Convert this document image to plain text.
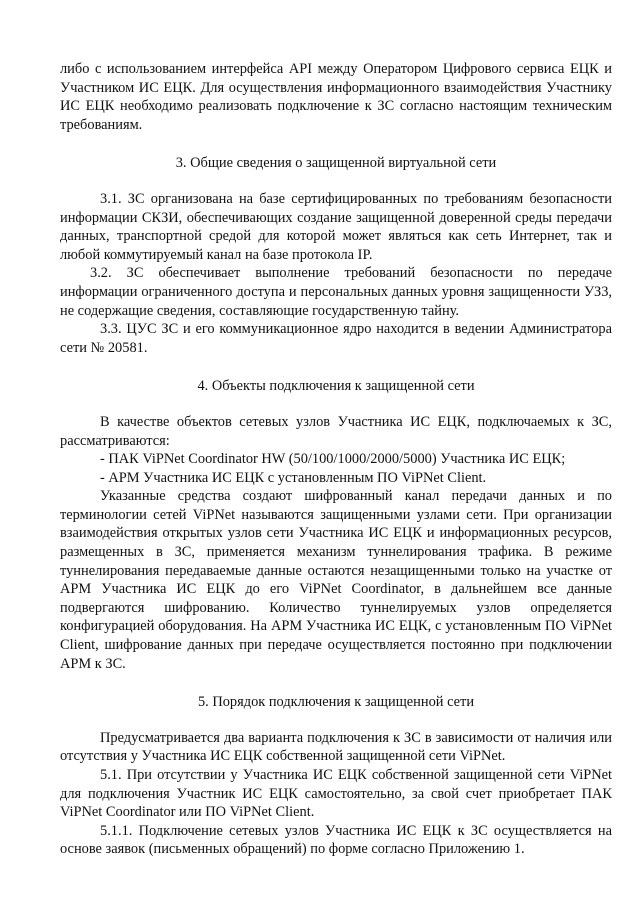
либо с использованием интерфейса API между Оператором Цифрового сервиса ЕЦК и Участником ИС ЕЦК. Для осуществления информационного взаимодействия Участнику ИС ЕЦК необходимо реализовать подключение к ЗС согласно настоящим техническим требованиям.

3. Общие сведения о защищенной виртуальной сети

3.1. ЗС организована на базе сертифицированных по требованиям безопасности информации СКЗИ, обеспечивающих создание защищенной доверенной среды передачи данных, транспортной средой для которой может являться как сеть Интернет, так и любой коммутируемый канал на базе протокола IP.

3.2. ЗС обеспечивает выполнение требований безопасности по передаче информации ограниченного доступа и персональных данных уровня защищенности УЗ3, не содержащие сведения, составляющие государственную тайну.

3.3. ЦУС ЗС и его коммуникационное ядро находится в ведении Администратора сети № 20581.

4. Объекты подключения к защищенной сети

В качестве объектов сетевых узлов Участника ИС ЕЦК, подключаемых к ЗС, рассматриваются:

- ПАК ViPNet Coordinator HW (50/100/1000/2000/5000) Участника ИС ЕЦК;

- АРМ Участника ИС ЕЦК с установленным ПО ViPNet Client.

Указанные средства создают шифрованный канал передачи данных и по терминологии сетей ViPNet называются защищенными узлами сети. При организации взаимодействия открытых узлов сети Участника ИС ЕЦК и информационных ресурсов, размещенных в ЗС, применяется механизм туннелирования трафика. В режиме туннелирования передаваемые данные остаются незащищенными только на участке от АРМ Участника ИС ЕЦК до его ViPNet Coordinator, в дальнейшем все данные подвергаются шифрованию. Количество туннелируемых узлов определяется конфигурацией оборудования. На АРМ Участника ИС ЕЦК, с установленным ПО ViPNet Client, шифрование данных при передаче осуществляется постоянно при подключении АРМ к ЗС.

5. Порядок подключения к защищенной сети

Предусматривается два варианта подключения к ЗС в зависимости от наличия или отсутствия у Участника ИС ЕЦК собственной защищенной сети ViPNet.

5.1. При отсутствии у Участника ИС ЕЦК собственной защищенной сети ViPNet для подключения Участник ИС ЕЦК самостоятельно, за свой счет приобретает ПАК ViPNet Coordinator или ПО ViPNet Client.

5.1.1. Подключение сетевых узлов Участника ИС ЕЦК к ЗС осуществляется на основе заявок (письменных обращений) по форме согласно Приложению 1.
